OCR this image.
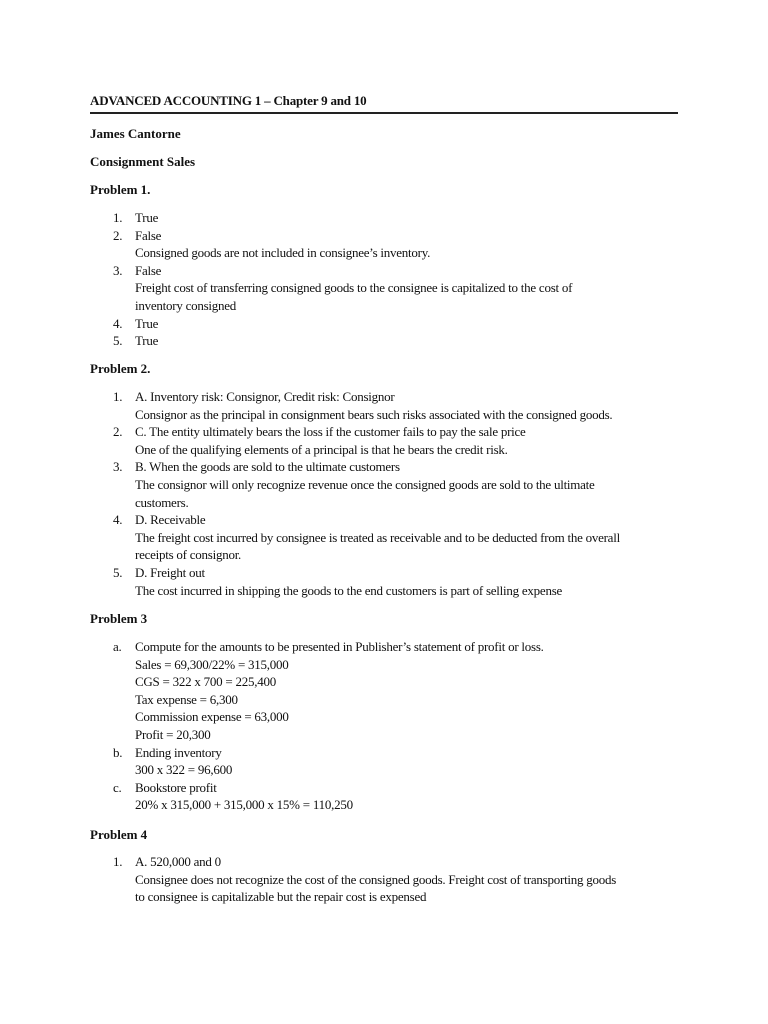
ADVANCED ACCOUNTING 1 – Chapter 9 and 10
James Cantorne
Consignment Sales
Problem 1.
1. True
2. False
Consigned goods are not included in consignee’s inventory.
3. False
Freight cost of transferring consigned goods to the consignee is capitalized to the cost of
inventory consigned
4. True
5. True
Problem 2.
1. A. Inventory risk: Consignor, Credit risk: Consignor
Consignor as the principal in consignment bears such risks associated with the consigned goods.
2. C. The entity ultimately bears the loss if the customer fails to pay the sale price
One of the qualifying elements of a principal is that he bears the credit risk.
3. B. When the goods are sold to the ultimate customers
The consignor will only recognize revenue once the consigned goods are sold to the ultimate
customers.
4. D. Receivable
The freight cost incurred by consignee is treated as receivable and to be deducted from the overall
receipts of consignor.
5. D. Freight out
The cost incurred in shipping the goods to the end customers is part of selling expense
Problem 3
a. Compute for the amounts to be presented in Publisher’s statement of profit or loss.
Sales = 69,300/22% = 315,000
CGS = 322 x 700 = 225,400
Tax expense = 6,300
Commission expense = 63,000
Profit = 20,300
b. Ending inventory
300 x 322 = 96,600
c. Bookstore profit
20% x 315,000 + 315,000 x 15% = 110,250
Problem 4
1. A. 520,000 and 0
Consignee does not recognize the cost of the consigned goods. Freight cost of transporting goods
to consignee is capitalizable but the repair cost is expensed
